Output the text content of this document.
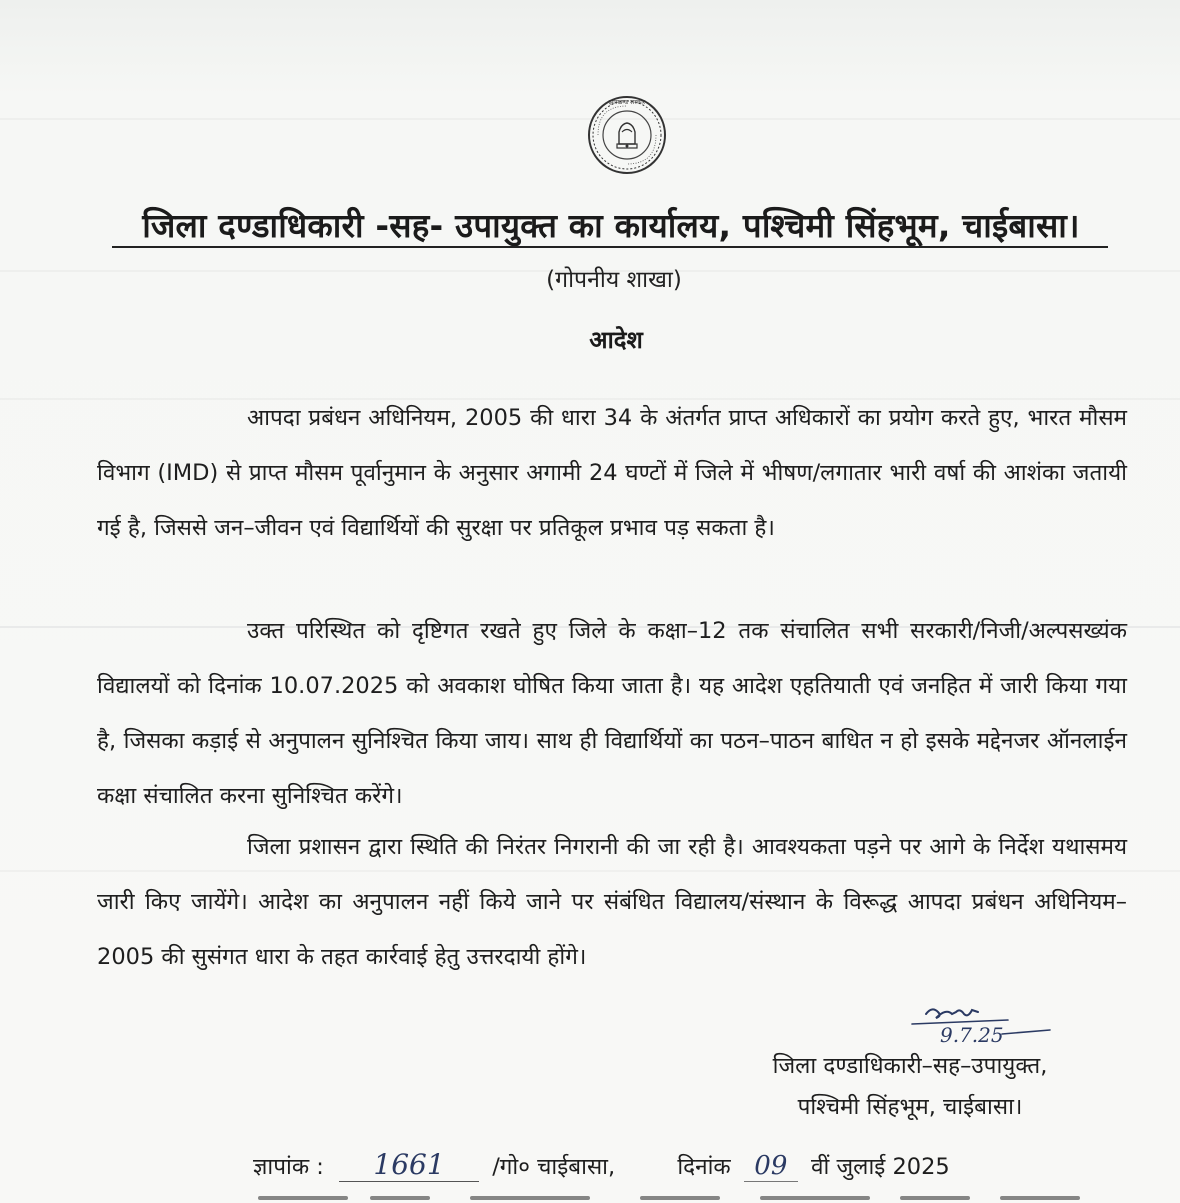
झारखण्ड सरकार
जिला दण्डाधिकारी -सह- उपायुक्त का कार्यालय, पश्चिमी सिंहभूम, चाईबासा।
(गोपनीय शाखा)
आदेश
आपदा प्रबंधन अधिनियम, 2005 की धारा 34 के अंतर्गत प्राप्त अधिकारों का प्रयोग करते हुए, भारत मौसम विभाग (IMD) से प्राप्त मौसम पूर्वानुमान के अनुसार अगामी 24 घण्टों में जिले में भीषण/लगातार भारी वर्षा की आशंका जतायी गई है, जिससे जन–जीवन एवं विद्यार्थियों की सुरक्षा पर प्रतिकूल प्रभाव पड़ सकता है।
उक्त परिस्थित को दृष्टिगत रखते हुए जिले के कक्षा–12 तक संचालित सभी सरकारी/निजी/अल्पसख्यंक विद्यालयों को दिनांक 10.07.2025 को अवकाश घोषित किया जाता है। यह आदेश एहतियाती एवं जनहित में जारी किया गया है, जिसका कड़ाई से अनुपालन सुनिश्चित किया जाय। साथ ही विद्यार्थियों का पठन–पाठन बाधित न हो इसके मद्देनजर ऑनलाईन कक्षा संचालित करना सुनिश्चित करेंगे।
जिला प्रशासन द्वारा स्थिति की निरंतर निगरानी की जा रही है। आवश्यकता पड़ने पर आगे के निर्देश यथासमय जारी किए जायेंगे। आदेश का अनुपालन नहीं किये जाने पर संबंधित विद्यालय/संस्थान के विरूद्ध आपदा प्रबंधन अधिनियम–2005 की सुसंगत धारा के तहत कार्रवाई हेतु उत्तरदायी होंगे।
9.7.25
जिला दण्डाधिकारी–सह–उपायुक्त,
पश्चिमी सिंहभूम, चाईबासा।
ज्ञापांक : 1661 /गो० चाईबासा,	दिनांक 09 वीं जुलाई 2025
